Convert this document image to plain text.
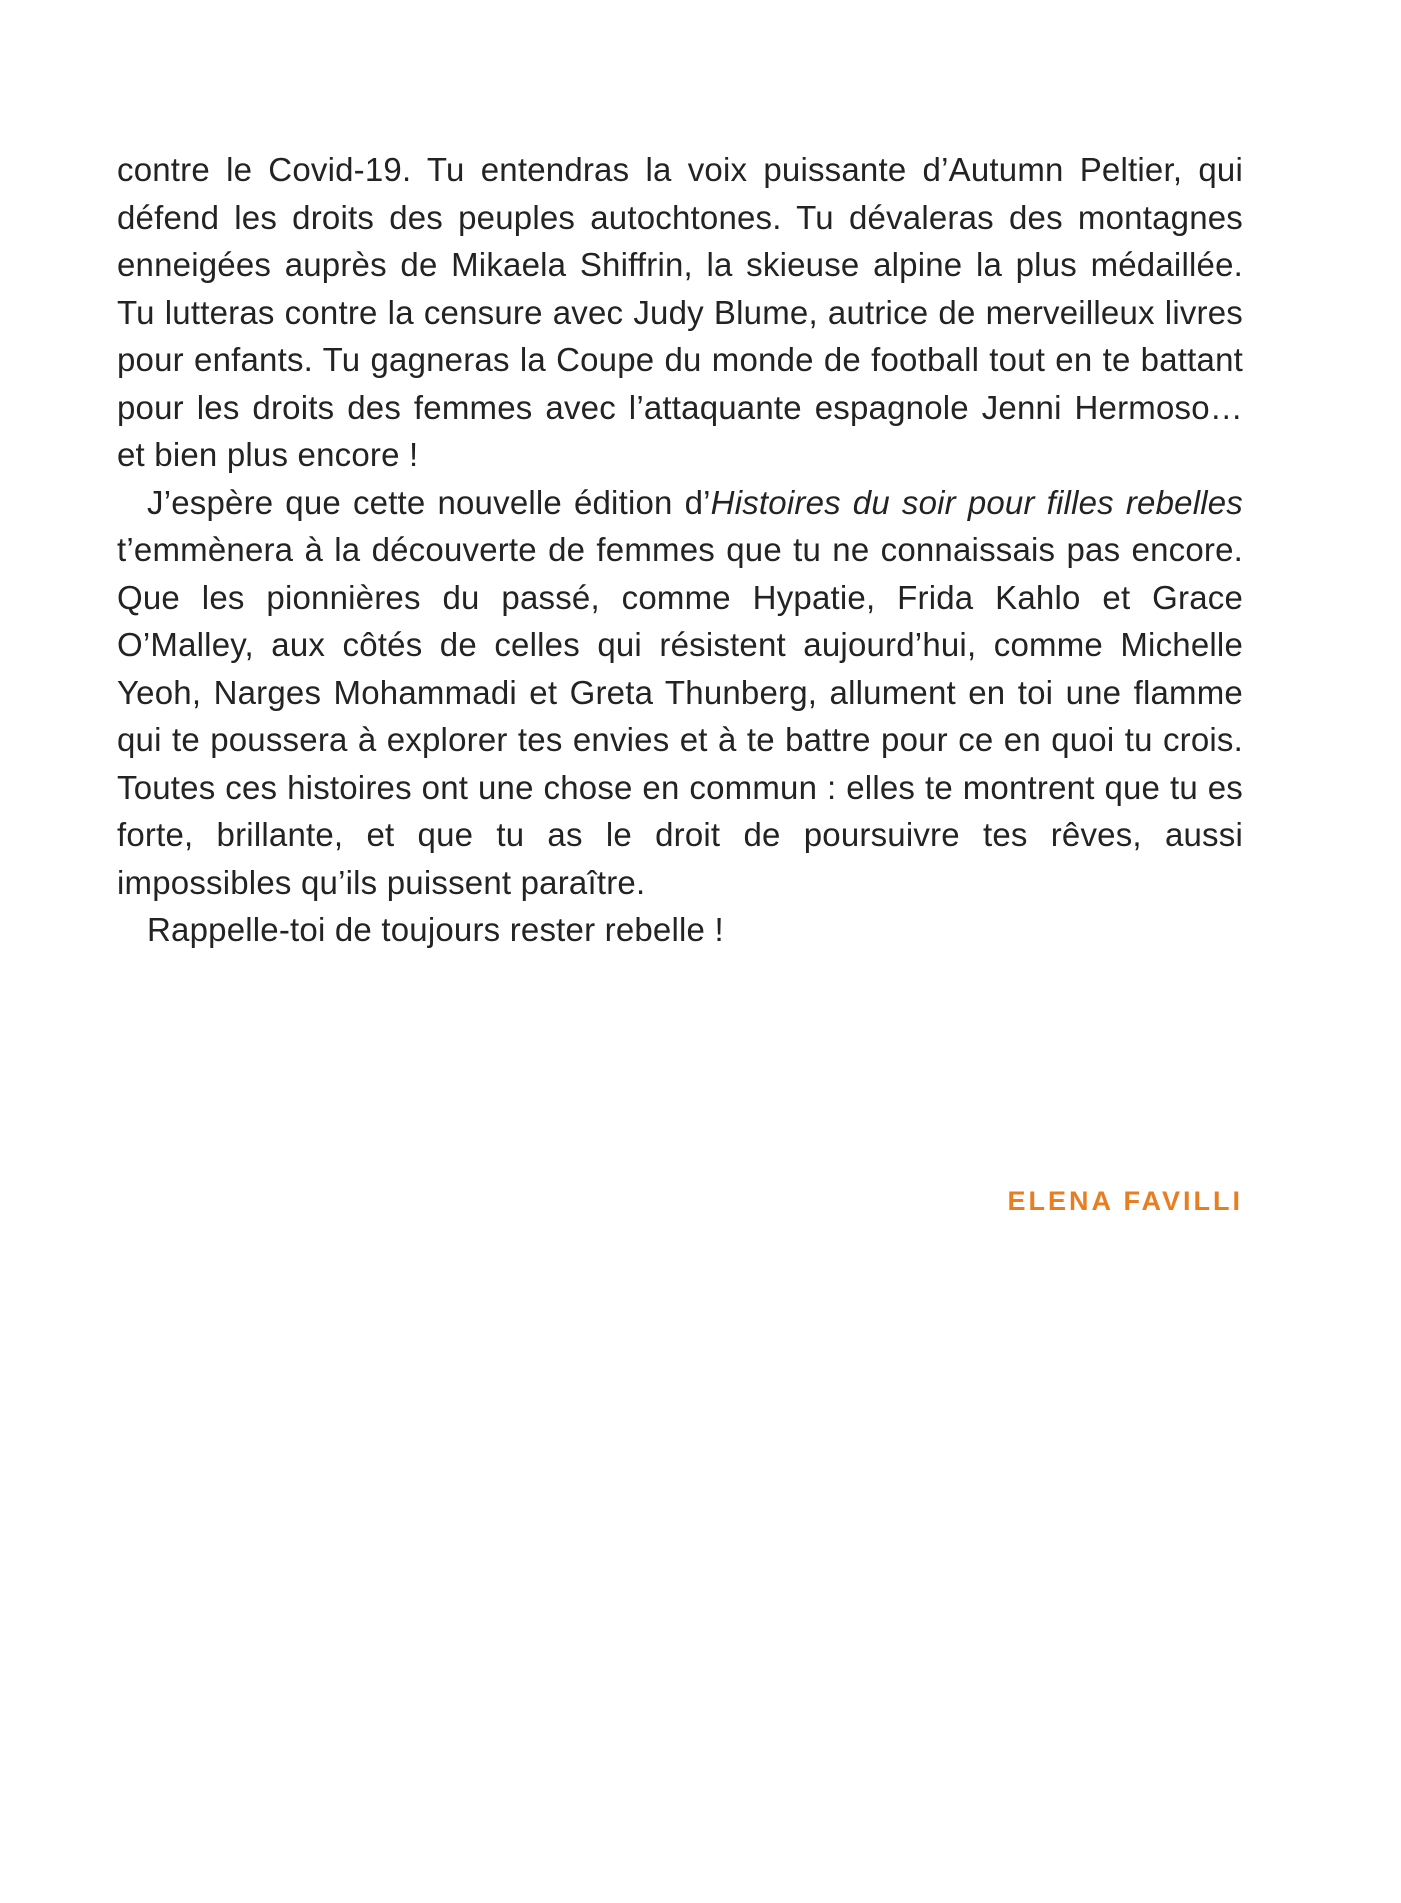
contre le Covid-19. Tu entendras la voix puissante d’Autumn Peltier, qui défend les droits des peuples autochtones. Tu dévaleras des montagnes enneigées auprès de Mikaela Shiffrin, la skieuse alpine la plus médaillée. Tu lutteras contre la censure avec Judy Blume, autrice de merveilleux livres pour enfants. Tu gagneras la Coupe du monde de football tout en te battant pour les droits des femmes avec l’attaquante espagnole Jenni Hermoso… et bien plus encore !

J’espère que cette nouvelle édition d’Histoires du soir pour filles rebelles t’emmènera à la découverte de femmes que tu ne connaissais pas encore. Que les pionnières du passé, comme Hypatie, Frida Kahlo et Grace O’Malley, aux côtés de celles qui résistent aujourd’hui, comme Michelle Yeoh, Narges Mohammadi et Greta Thunberg, allument en toi une flamme qui te poussera à explorer tes envies et à te battre pour ce en quoi tu crois. Toutes ces histoires ont une chose en commun : elles te montrent que tu es forte, brillante, et que tu as le droit de poursuivre tes rêves, aussi impossibles qu’ils puissent paraître.

Rappelle-toi de toujours rester rebelle !

ELENA FAVILLI
